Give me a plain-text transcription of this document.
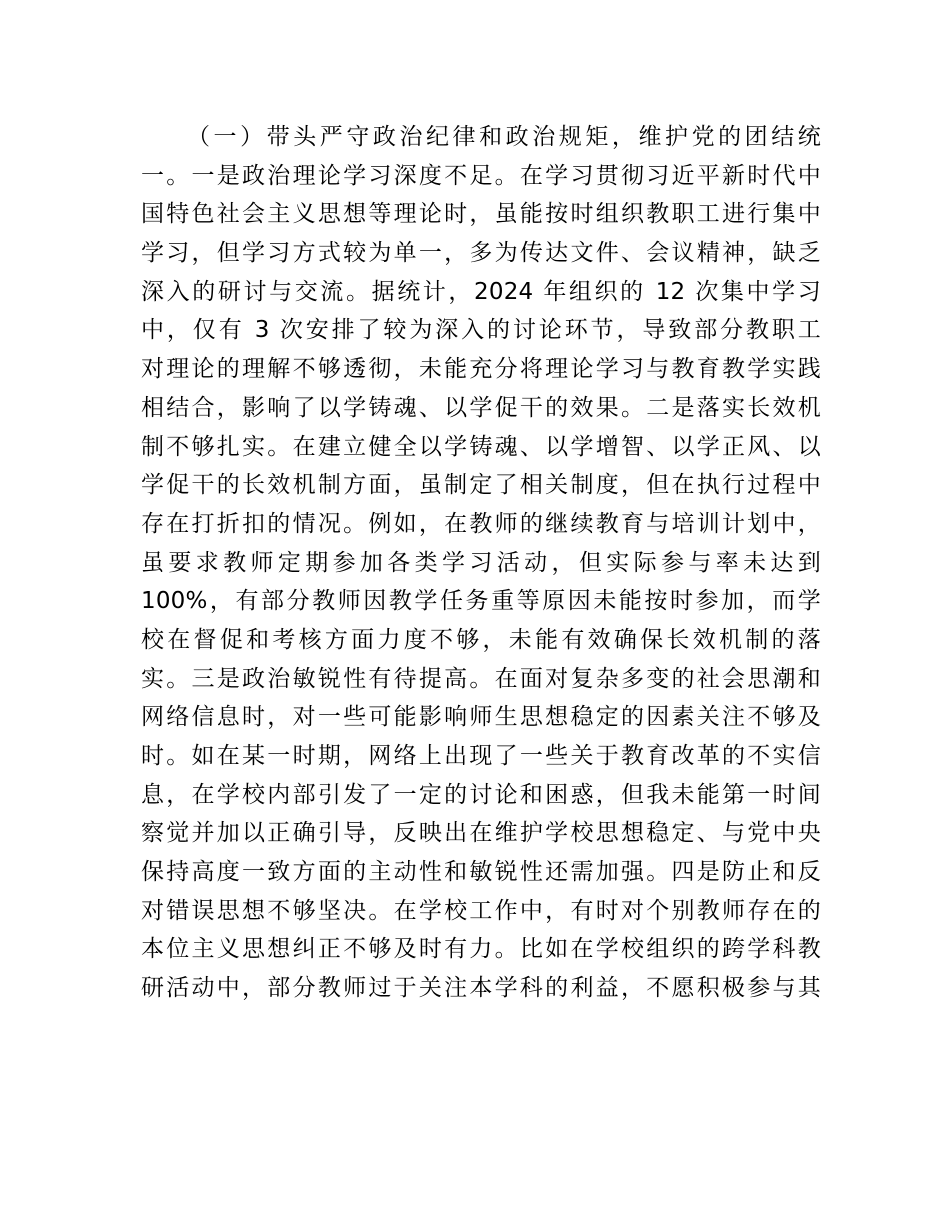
（一）带头严守政治纪律和政治规矩，维护党的团结统
一。一是政治理论学习深度不足。在学习贯彻习近平新时代中
国特色社会主义思想等理论时，虽能按时组织教职工进行集中
学习，但学习方式较为单一，多为传达文件、会议精神，缺乏
深入的研讨与交流。据统计，2024 年组织的 12 次集中学习
中，仅有 3 次安排了较为深入的讨论环节，导致部分教职工
对理论的理解不够透彻，未能充分将理论学习与教育教学实践
相结合，影响了以学铸魂、以学促干的效果。二是落实长效机
制不够扎实。在建立健全以学铸魂、以学增智、以学正风、以
学促干的长效机制方面，虽制定了相关制度，但在执行过程中
存在打折扣的情况。例如，在教师的继续教育与培训计划中，
虽要求教师定期参加各类学习活动，但实际参与率未达到
100%，有部分教师因教学任务重等原因未能按时参加，而学
校在督促和考核方面力度不够，未能有效确保长效机制的落
实。三是政治敏锐性有待提高。在面对复杂多变的社会思潮和
网络信息时，对一些可能影响师生思想稳定的因素关注不够及
时。如在某一时期，网络上出现了一些关于教育改革的不实信
息，在学校内部引发了一定的讨论和困惑，但我未能第一时间
察觉并加以正确引导，反映出在维护学校思想稳定、与党中央
保持高度一致方面的主动性和敏锐性还需加强。四是防止和反
对错误思想不够坚决。在学校工作中，有时对个别教师存在的
本位主义思想纠正不够及时有力。比如在学校组织的跨学科教
研活动中，部分教师过于关注本学科的利益，不愿积极参与其
